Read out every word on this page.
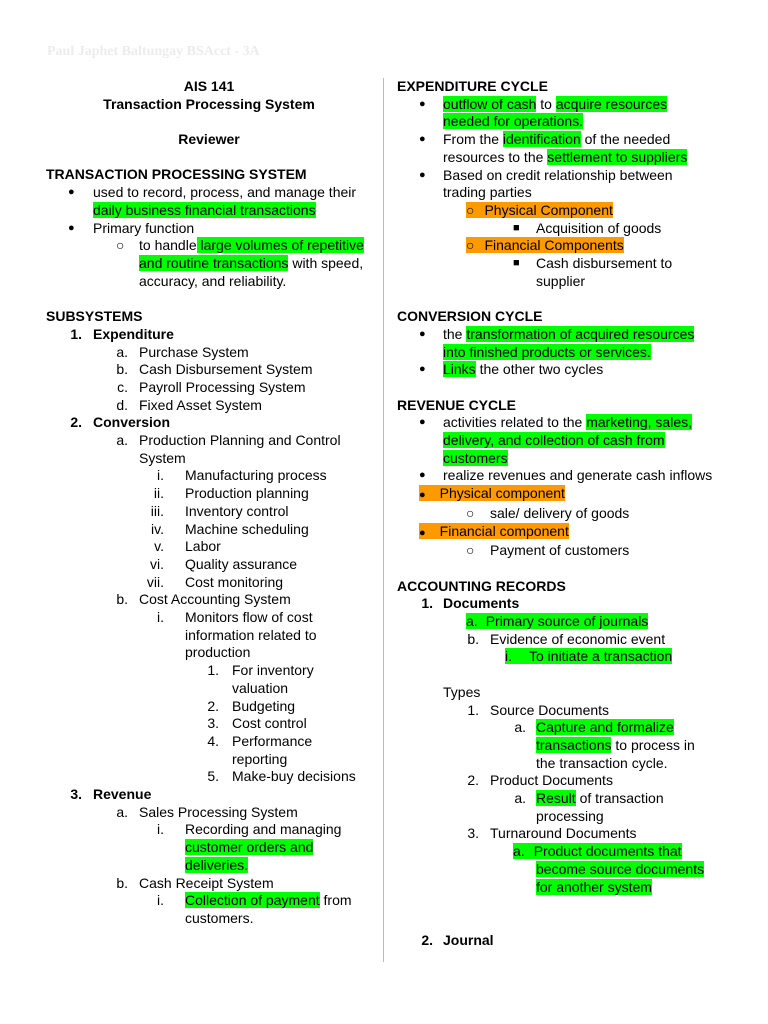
Paul Japhet Baltungay BSAcct - 3A
AIS 141
Transaction Processing System
Reviewer
TRANSACTION PROCESSING SYSTEM
●	used to record, process, and manage their
daily business financial transactions
●	Primary function
○	to handle large volumes of repetitive
and routine transactions with speed,
accuracy, and reliability.
SUBSYSTEMS
1. Expenditure
a. Purchase System
b. Cash Disbursement System
c. Payroll Processing System
d. Fixed Asset System
2. Conversion
a. Production Planning and Control
System
i.	Manufacturing process
ii.	Production planning
iii.	Inventory control
iv.	Machine scheduling
v.	Labor
vi.	Quality assurance
vii.	Cost monitoring
b. Cost Accounting System
i.	Monitors flow of cost
information related to
production
1. For inventory
valuation
2. Budgeting
3. Cost control
4. Performance
reporting
5. Make-buy decisions
3. Revenue
a. Sales Processing System
i.	Recording and managing
customer orders and
deliveries.
b. Cash Receipt System
i.	Collection of payment from
customers.
EXPENDITURE CYCLE
●	outflow of cash to acquire resources
needed for operations.
●	From the identification of the needed
resources to the settlement to suppliers
●	Based on credit relationship between
trading parties
○ Physical Component
■	Acquisition of goods
○ Financial Components
■	Cash disbursement to
supplier
CONVERSION CYCLE
●	the transformation of acquired resources
into finished products or services.
●	Links the other two cycles
REVENUE CYCLE
●	activities related to the marketing, sales,
delivery, and collection of cash from
customers
●	realize revenues and generate cash inflows
● Physical component
○	sale/ delivery of goods
● Financial component
○	Payment of customers
ACCOUNTING RECORDS
1. Documents
a. Primary source of journals
b. Evidence of economic event
i. To initiate a transaction
Types
1. Source Documents
a. Capture and formalize
transactions to process in
the transaction cycle.
2. Product Documents
a. Result of transaction
processing
3. Turnaround Documents
a. Product documents that
become source documents
for another system
2. Journal
